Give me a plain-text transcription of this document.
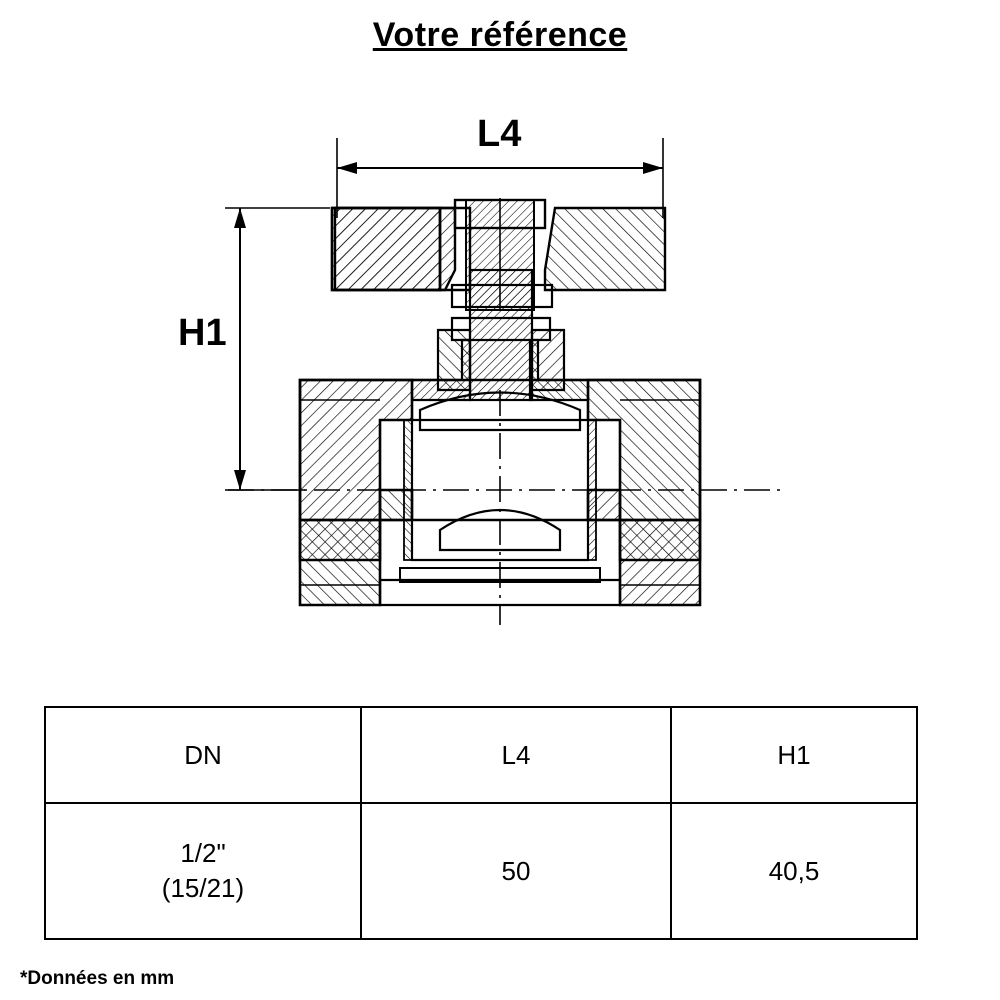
Votre référence
L4
H1
DN	L4	H1

1/2"
(15/21)	50	40,5
*Données en mm
